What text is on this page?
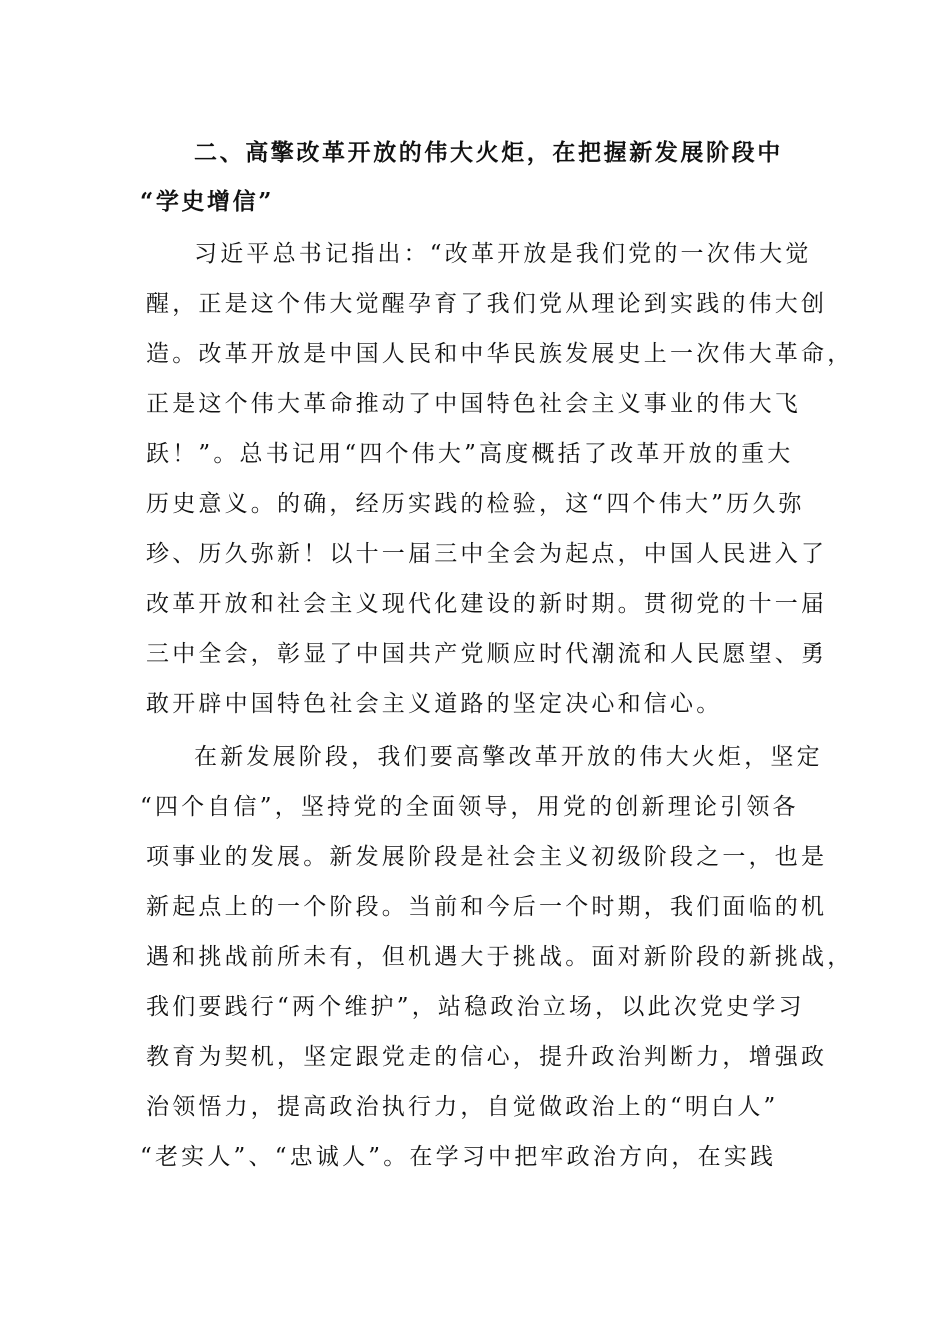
二、高擎改革开放的伟大火炬，在把握新发展阶段中
“学史增信”
习近平总书记指出：“改革开放是我们党的一次伟大觉
醒，正是这个伟大觉醒孕育了我们党从理论到实践的伟大创
造。改革开放是中国人民和中华民族发展史上一次伟大革命，
正是这个伟大革命推动了中国特色社会主义事业的伟大飞
跃！”。总书记用“四个伟大”高度概括了改革开放的重大
历史意义。的确，经历实践的检验，这“四个伟大”历久弥
珍、历久弥新！以十一届三中全会为起点，中国人民进入了
改革开放和社会主义现代化建设的新时期。贯彻党的十一届
三中全会，彰显了中国共产党顺应时代潮流和人民愿望、勇
敢开辟中国特色社会主义道路的坚定决心和信心。
在新发展阶段，我们要高擎改革开放的伟大火炬，坚定
“四个自信”，坚持党的全面领导，用党的创新理论引领各
项事业的发展。新发展阶段是社会主义初级阶段之一，也是
新起点上的一个阶段。当前和今后一个时期，我们面临的机
遇和挑战前所未有，但机遇大于挑战。面对新阶段的新挑战，
我们要践行“两个维护”，站稳政治立场，以此次党史学习
教育为契机，坚定跟党走的信心，提升政治判断力，增强政
治领悟力，提高政治执行力，自觉做政治上的“明白人”
“老实人”、“忠诚人”。在学习中把牢政治方向，在实践
